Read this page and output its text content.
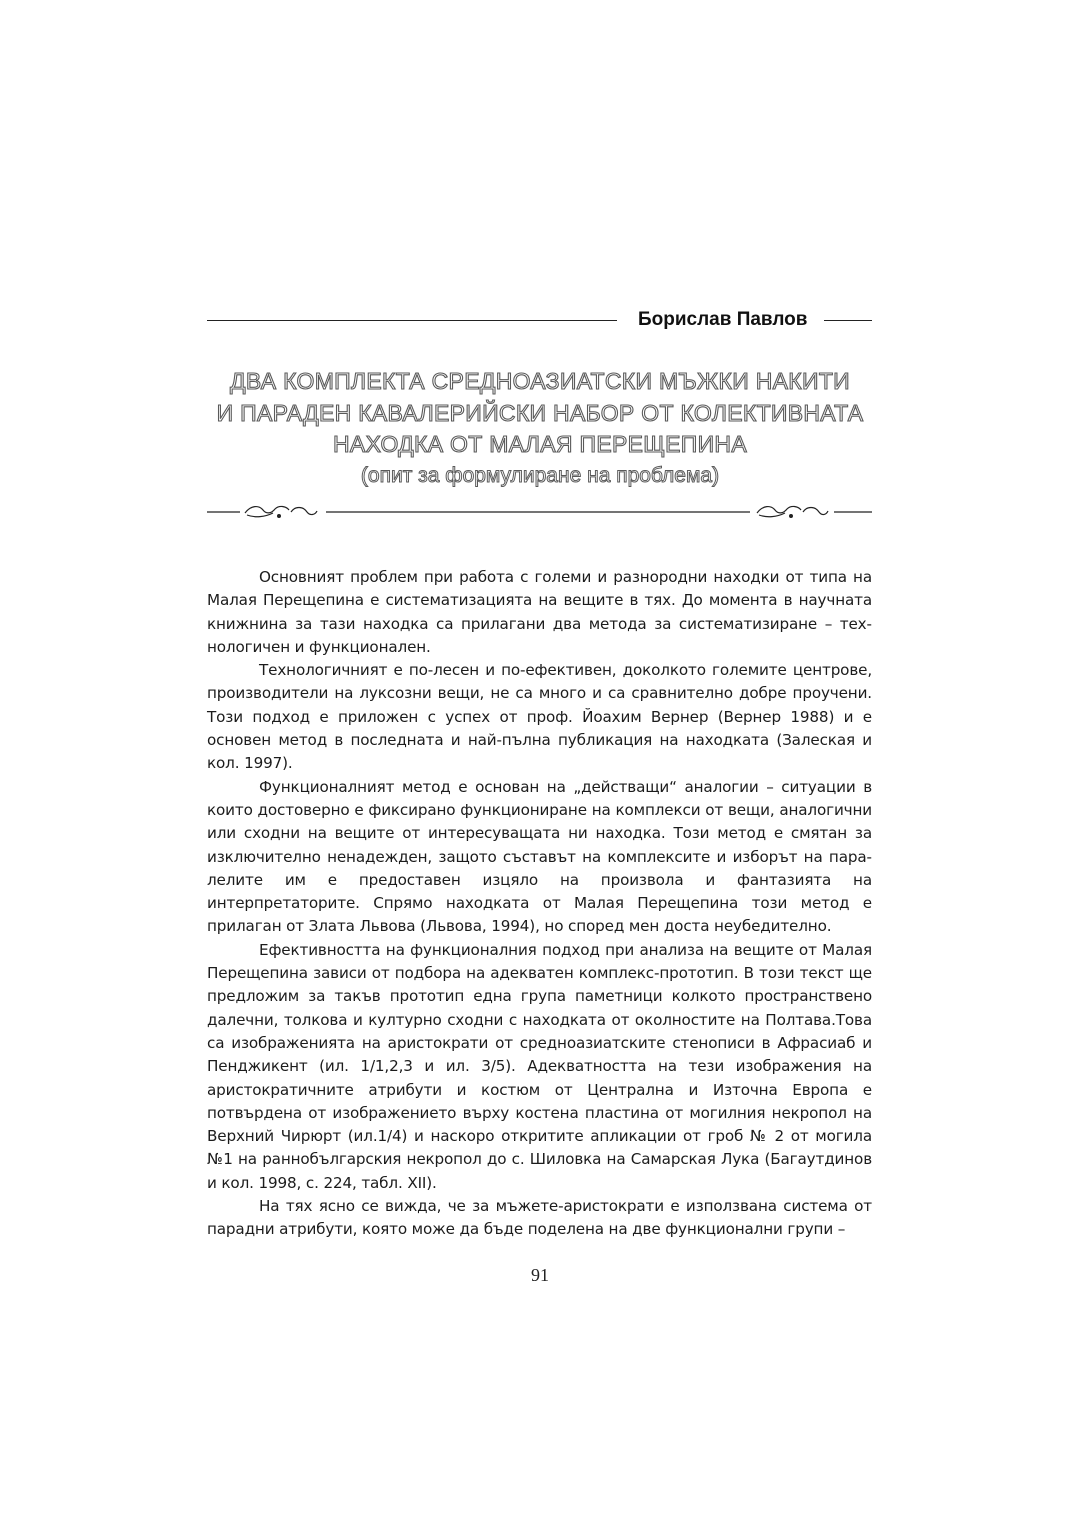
Борислав Павлов
ДВА КОМПЛЕКТА СРЕДНОАЗИАТСКИ МЪЖКИ НАКИТИ
И ПАРАДЕН КАВАЛЕРИЙСКИ НАБОР ОТ КОЛЕКТИВНАТА
НАХОДКА ОТ МАЛАЯ ПЕРЕЩЕПИНА
(опит за формулиране на проблема)

Основният проблем при работа с големи и разнородни находки от типа на Малая Перещепина е систематизацията на вещите в тях. До момента в научната книжнина за тази находка са прилагани два метода за систематизиране – технологичен и функционален.

Технологичният е по-лесен и по-ефективен, доколкото големите центрове, производители на луксозни вещи, не са много и са сравнително добре проучени. Този подход е приложен с успех от проф. Йоахим Вернер (Вернер 1988) и е основен метод в последната и най-пълна публикация на находката (Залеская и кол. 1997).

Функционалният метод е основан на „действащи“ аналогии – ситуации в които достоверно е фиксирано функциониране на комплекси от вещи, аналогични или сходни на вещите от интересуващата ни находка. Този метод е смятан за изключително ненадежден, защото съставът на комплексите и изборът на паралелите им е предоставен изцяло на произвола и фантазията на интерпретаторите. Спрямо находката от Малая Перещепина този метод е прилаган от Злата Львова (Львова, 1994), но според мен доста неубедително.

Ефективността на функционалния подход при анализа на вещите от Малая Перещепина зависи от подбора на адекватен комплекс-прототип. В този текст ще предложим за такъв прототип една група паметници колкото пространствено далечни, толкова и културно сходни с находката от околностите на Полтава.Това са изображенията на аристократи от средноазиатските стенописи в Афрасиаб и Пенджикент (ил. 1/1,2,3 и ил. 3/5). Адекватността на тези изображения на аристократичните атрибути и костюм от Централна и Източна Европа е потвърдена от изображението върху костена пластина от могилния некропол на Верхний Чирюрт (ил.1/4) и наскоро откритите апликации от гроб № 2 от могила №1 на раннобългарския некропол до с. Шиловка на Самарская Лука (Багаутдинов и кол. 1998, с. 224, табл. XII).

На тях ясно се вижда, че за мъжете-аристократи е използвана система от парадни атрибути, която може да бъде поделена на две функционални групи –

91
